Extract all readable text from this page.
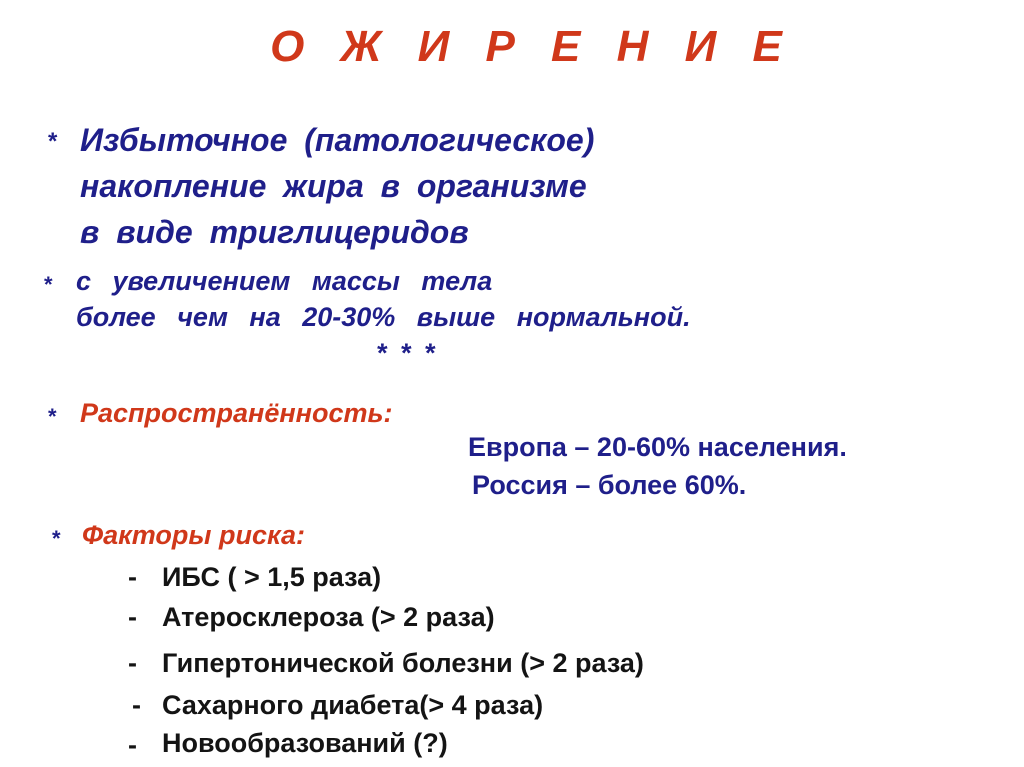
О Ж И Р Е Н И Е
* Избыточное (патологическое)
накопление жира в организме
в виде триглицеридов
* с увеличением массы тела
более чем на 20-30% выше нормальной.
* * *
* Распространённость:
Европа – 20-60% населения.
Россия – более 60%.
* Факторы риска:
- ИБС ( > 1,5 раза)
- Атеросклероза (> 2 раза)
- Гипертонической болезни (> 2 раза)
- Сахарного диабета(> 4 раза)
- Новообразований (?)
